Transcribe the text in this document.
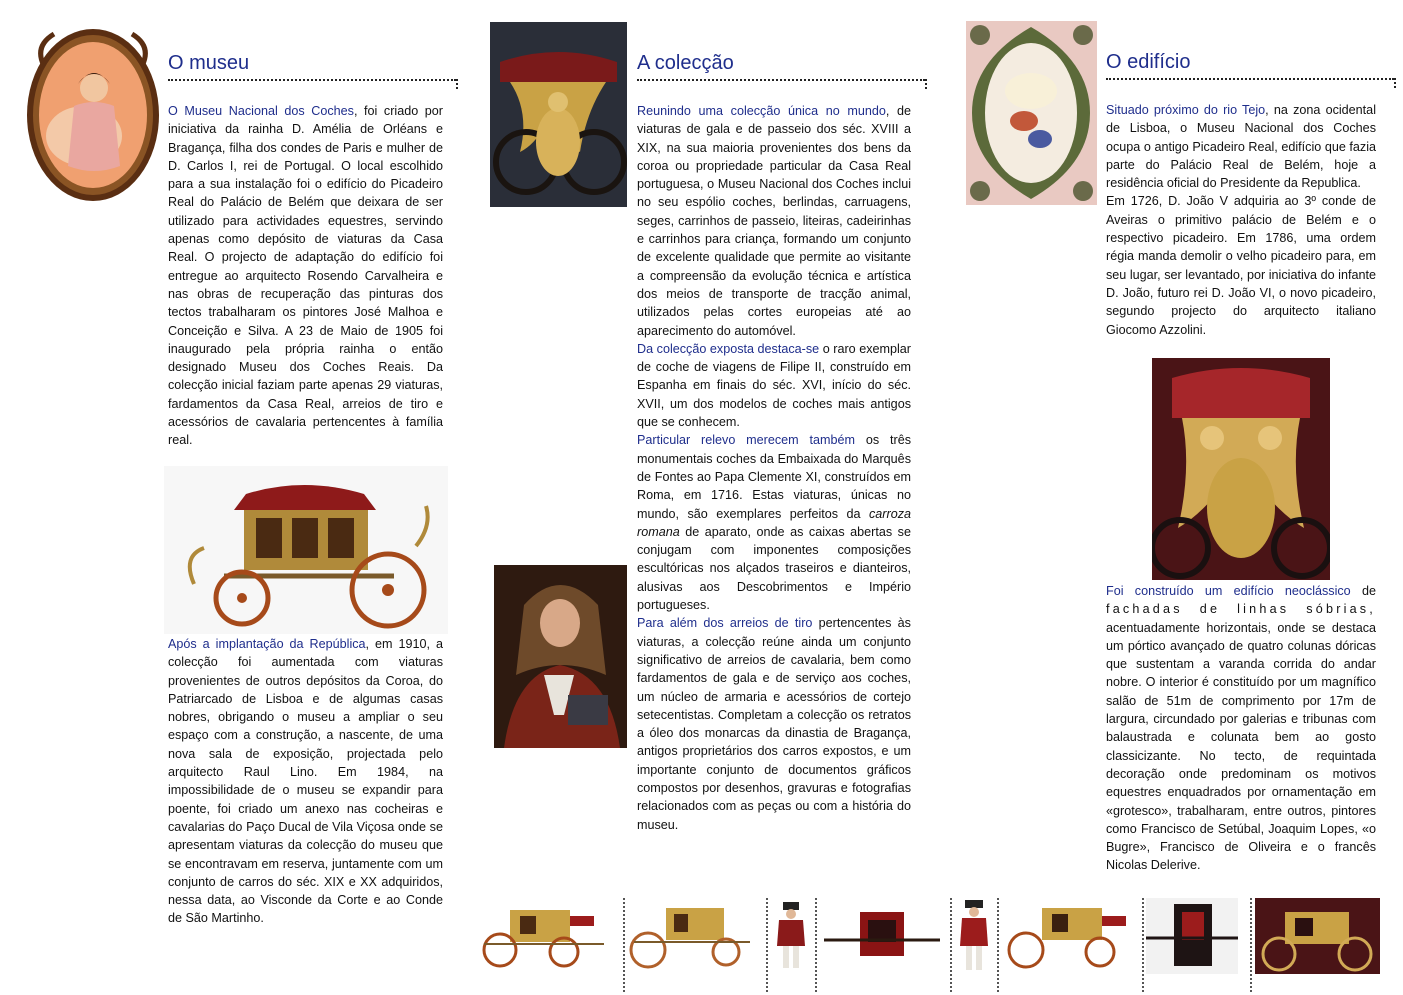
O museu

O Museu Nacional dos Coches, foi criado por iniciativa da rainha D. Amélia de Orléans e Bragança, filha dos condes de Paris e mulher de D. Carlos I, rei de Portugal. O local escolhido para a sua instalação foi o edifício do Picadeiro Real do Palácio de Belém que deixara de ser utilizado para actividades equestres, servindo apenas como depósito de viaturas da Casa Real. O projecto de adaptação do edifício foi entregue ao arquitecto Rosendo Carvalheira e nas obras de recuperação das pinturas dos tectos trabalharam os pintores José Malhoa e Conceição e Silva. A 23 de Maio de 1905 foi inaugurado pela própria rainha o então designado Museu dos Coches Reais. Da colecção inicial faziam parte apenas 29 viaturas, fardamentos da Casa Real, arreios de tiro e acessórios de cavalaria pertencentes à família real.

Após a implantação da República, em 1910, a colecção foi aumentada com viaturas provenientes de outros depósitos da Coroa, do Patriarcado de Lisboa e de algumas casas nobres, obrigando o museu a ampliar o seu espaço com a construção, a nascente, de uma nova sala de exposição, projectada pelo arquitecto Raul Lino. Em 1984, na impossibilidade de o museu se expandir para poente, foi criado um anexo nas cocheiras e cavalarias do Paço Ducal de Vila Viçosa onde se apresentam viaturas da colecção do museu que se encontravam em reserva, juntamente com um conjunto de carros do séc. XIX e XX adquiridos, nessa data, ao Visconde da Corte e ao Conde de São Martinho.

A colecção

Reunindo uma colecção única no mundo, de viaturas de gala e de passeio dos séc. XVIII a XIX, na sua maioria provenientes dos bens da coroa ou propriedade particular da Casa Real portuguesa, o Museu Nacional dos Coches inclui no seu espólio coches, berlindas, carruagens, seges, carrinhos de passeio, liteiras, cadeirinhas e carrinhos para criança, formando um conjunto de excelente qualidade que permite ao visitante a compreensão da evolução técnica e artística dos meios de transporte de tracção animal, utilizados pelas cortes europeias até ao aparecimento do automóvel.

Da colecção exposta destaca-se o raro exemplar de coche de viagens de Filipe II, construído em Espanha em finais do séc. XVI, início do séc. XVII, um dos modelos de coches mais antigos que se conhecem.

Particular relevo merecem também os três monumentais coches da Embaixada do Marquês de Fontes ao Papa Clemente XI, construídos em Roma, em 1716. Estas viaturas, únicas no mundo, são exemplares perfeitos da carroza romana de aparato, onde as caixas abertas se conjugam com imponentes composições escultóricas nos alçados traseiros e dianteiros, alusivas aos Descobrimentos e Império portugueses.

Para além dos arreios de tiro pertencentes às viaturas, a colecção reúne ainda um conjunto significativo de arreios de cavalaria, bem como fardamentos de gala e de serviço aos coches, um núcleo de armaria e acessórios de cortejo setecentistas. Completam a colecção os retratos a óleo dos monarcas da dinastia de Bragança, antigos proprietários dos carros expostos, e um importante conjunto de documentos gráficos compostos por desenhos, gravuras e fotografias relacionados com as peças ou com a história do museu.

O edifício

Situado próximo do rio Tejo, na zona ocidental de Lisboa, o Museu Nacional dos Coches ocupa o antigo Picadeiro Real, edifício que fazia parte do Palácio Real de Belém, hoje a residência oficial do Presidente da Republica.

Em 1726, D. João V adquiria ao 3º conde de Aveiras o primitivo palácio de Belém e o respectivo picadeiro. Em 1786, uma ordem régia manda demolir o velho picadeiro para, em seu lugar, ser levantado, por iniciativa do infante D. João, futuro rei D. João VI, o novo picadeiro, segundo projecto do arquitecto italiano Giocomo Azzolini.

Foi construído um edifício neoclássico de fachadas de linhas sóbrias, acentuadamente horizontais, onde se destaca um pórtico avançado de quatro colunas dóricas que sustentam a varanda corrida do andar nobre. O interior é constituído por um magnífico salão de 51m de comprimento por 17m de largura, circundado por galerias e tribunas com balaustrada e colunata bem ao gosto classicizante. No tecto, de requintada decoração onde predominam os motivos equestres enquadrados por ornamentação em «grotesco», trabalharam, entre outros, pintores como Francisco de Setúbal, Joaquim Lopes, «o Bugre», Francisco de Oliveira e o francês Nicolas Delerive.
